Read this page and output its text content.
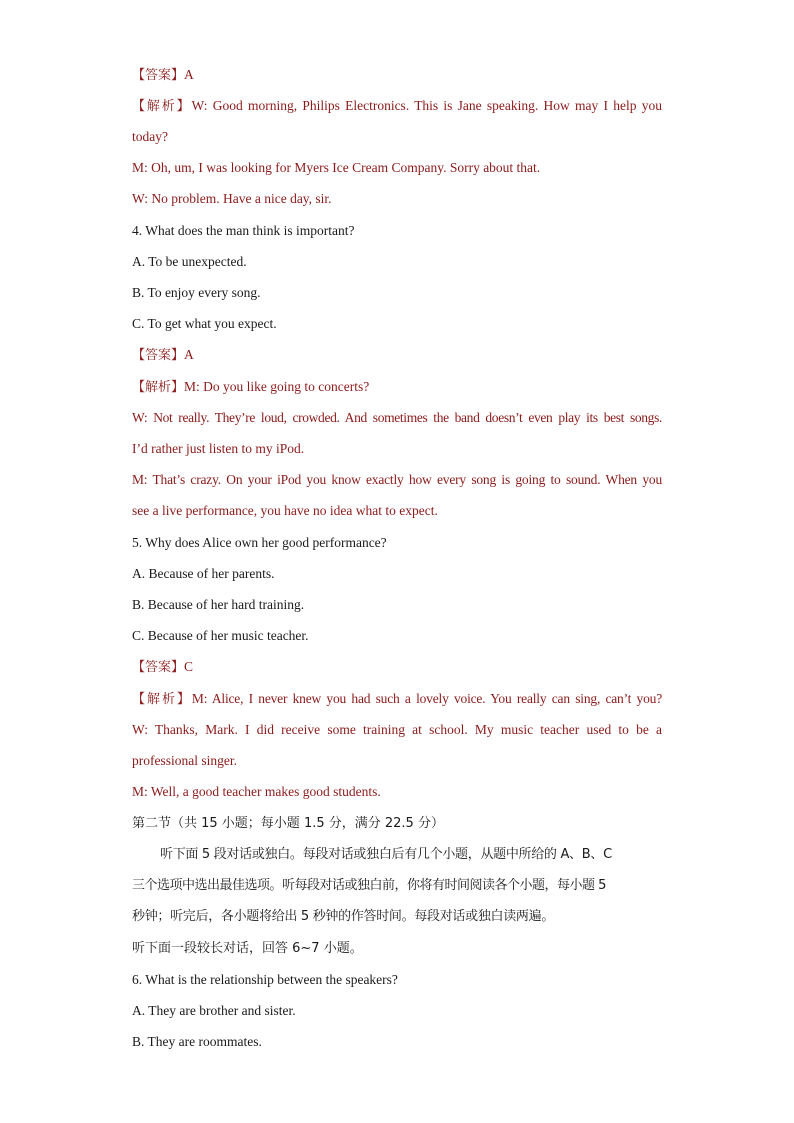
【答案】A
【解析】W: Good morning, Philips Electronics. This is Jane speaking. How may I help you
today?
M: Oh, um, I was looking for Myers Ice Cream Company. Sorry about that.
W: No problem. Have a nice day, sir.
4. What does the man think is important?
A. To be unexpected.
B. To enjoy every song.
C. To get what you expect.
【答案】A
【解析】M: Do you like going to concerts?
W: Not really. They’re loud, crowded. And sometimes the band doesn’t even play its best songs.
I’d rather just listen to my iPod.
M: That’s crazy. On your iPod you know exactly how every song is going to sound. When you
see a live performance, you have no idea what to expect.
5. Why does Alice own her good performance?
A. Because of her parents.
B. Because of her hard training.
C. Because of her music teacher.
【答案】C
【解析】M: Alice, I never knew you had such a lovely voice. You really can sing, can’t you?
W: Thanks, Mark. I did receive some training at school. My music teacher used to be a
professional singer.
M: Well, a good teacher makes good students.
第二节（共 15 小题；每小题 1.5 分，满分 22.5 分）
听下面 5 段对话或独白。每段对话或独白后有几个小题，从题中所给的 A、B、C
三个选项中选出最佳选项。听每段对话或独白前，你将有时间阅读各个小题，每小题 5
秒钟；听完后，各小题将给出 5 秒钟的作答时间。每段对话或独白读两遍。
听下面一段较长对话，回答 6~7 小题。
6. What is the relationship between the speakers?
A. They are brother and sister.
B. They are roommates.
